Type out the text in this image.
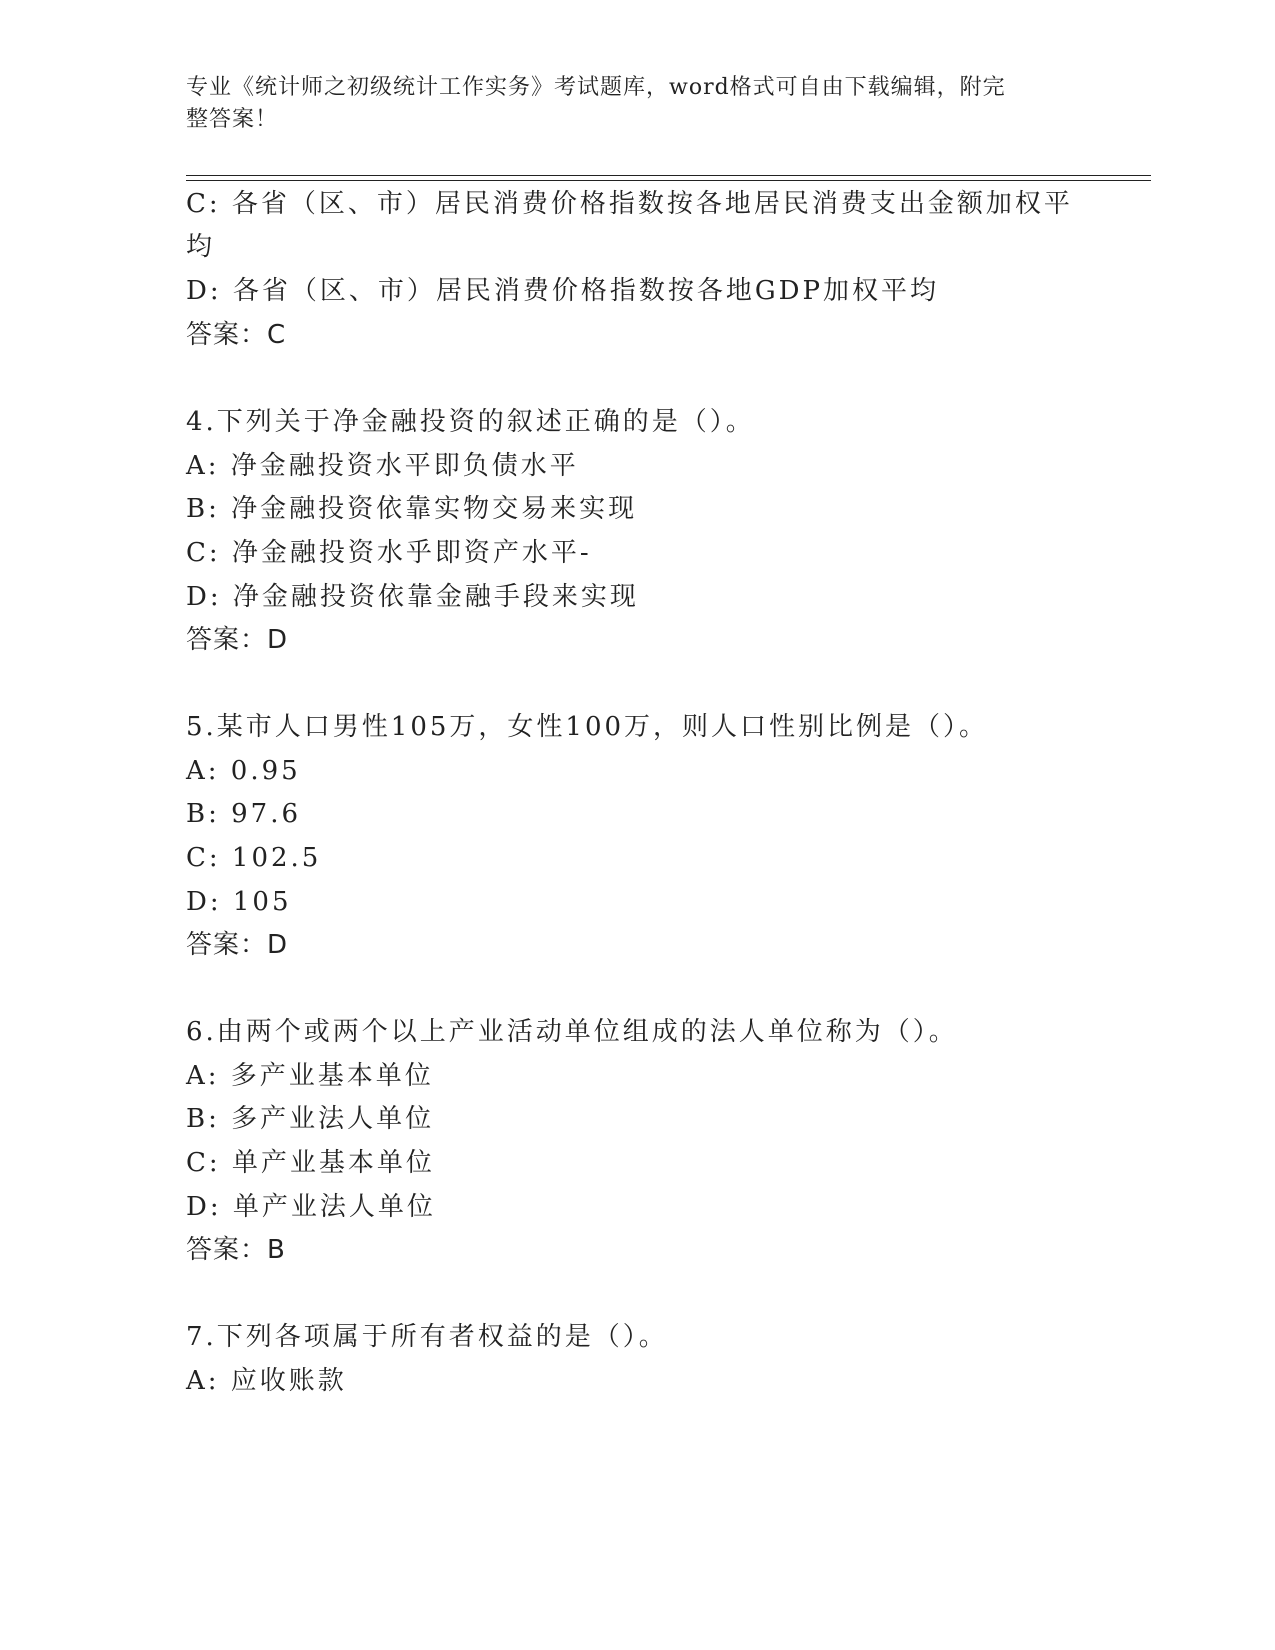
专业《统计师之初级统计工作实务》考试题库，word格式可自由下载编辑，附完
整答案！
C: 各省（区、市）居民消费价格指数按各地居民消费支出金额加权平
均
D: 各省（区、市）居民消费价格指数按各地GDP加权平均
答案：C
4.下列关于净金融投资的叙述正确的是（）。
A: 净金融投资水平即负债水平
B: 净金融投资依靠实物交易来实现
C: 净金融投资水乎即资产水平-
D: 净金融投资依靠金融手段来实现
答案：D
5.某市人口男性105万，女性100万，则人口性别比例是（）。
A: 0.95
B: 97.6
C: 102.5
D: 105
答案：D
6.由两个或两个以上产业活动单位组成的法人单位称为（）。
A: 多产业基本单位
B: 多产业法人单位
C: 单产业基本单位
D: 单产业法人单位
答案：B
7.下列各项属于所有者权益的是（）。
A: 应收账款
